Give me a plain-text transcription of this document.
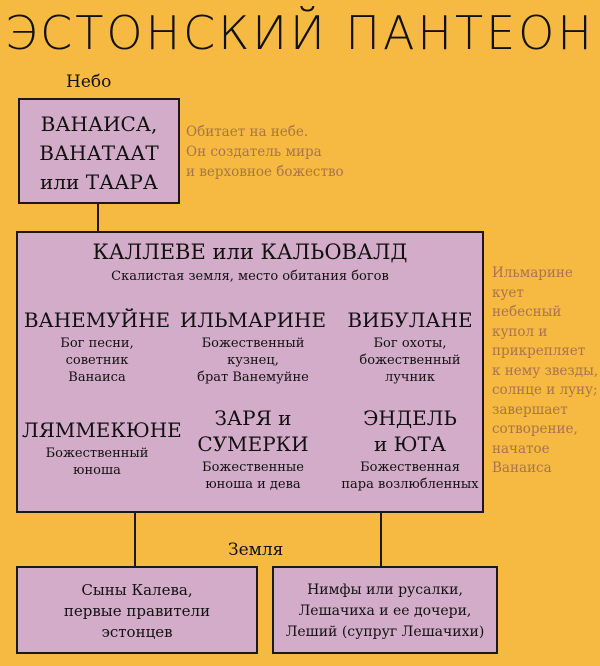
ЭСТОНСКИЙ ПАНТЕОН
Небо
ВАНАИСА,
ВАНАТААТ
или ТААРА
Обитает на небе.
Он создатель мира
и верховное божество
КАЛЛЕВЕ или КАЛЬОВАЛД
Скалистая земля, место обитания богов
ВАНЕМУЙНЕ
Бог песни,
советник
Ванаиса
ИЛЬМАРИНЕ
Божественный
кузнец,
брат Ванемуйне
ВИБУЛАНЕ
Бог охоты,
божественный
лучник
ЛЯММЕКЮНЕ
Божественный
юноша
ЗАРЯ и
СУМЕРКИ
Божественные
юноша и дева
ЭНДЕЛЬ
и ЮТА
Божественная
пара возлюбленных
Ильмарине
кует
небесный
купол и
прикрепляет
к нему звезды,
солнце и луну;
завершает
сотворение,
начатое
Ванаиса
Земля
Сыны Калева,
первые правители
эстонцев
Нимфы или русалки,
Лешачиха и ее дочери,
Леший (супруг Лешачихи)
